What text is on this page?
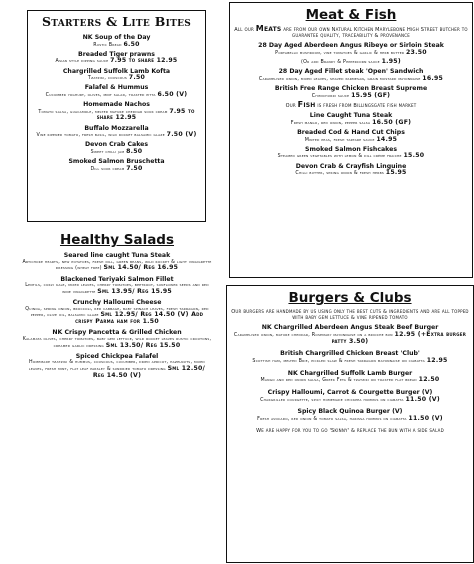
Starters & Lite Bites

NK Soup of the Day
Rustic Bread 6.50
Breaded Tiger prawns
Asian style dipping sauce 7.95 to share 12.95
Chargrilled Suffolk Lamb Kofta
Tzatziki, couscous 7.50
Falafel & Hummus
Cucumber yoghurt, olives, mint salad, toasted pitta 6.50 (V)
Homemade Nachos
Tomato salsa, guacamole, melted mature cheddar sour cream 7.95 to share 12.95
Buffalo Mozzarella
Vine ripened tomato, fresh basil, wild rocket balsamic glaze 7.50 (V)
Devon Crab Cakes
Sweet chilli jam 8.50
Smoked Salmon Bruschetta
Dill sour cream 7.50

Healthy Salads

Seared line caught Tuna Steak
Artichoke hearts, new potatoes, fresh dill, green beans, wild rocket & light vinaigrette dressing (wheat free) Sml 14.50/ Reg 16.95
Blackened Teriyaki Salmon Fillet
Lentils, curly kale, mixed leaves, cherry tomatoes, beetroot, sunflower seeds and red wine vinaigrette Sml 13.95/ Reg 15.95
Crunchy Halloumi Cheese
Quinoa, spring onion, broccoli, red cabbage, baby spinach leaves, fresh tarragon, red pepper, olive oil, balsamic glaze Sml 12.95/ Reg 14.50 (V) Add crispy Parma ham for 1.50
NK Crispy Pancetta & Grilled Chicken
Kalamata olives, cherry tomatoes, baby gem lettuce, wild rocket leaves rustic croutons, creamed garlic dressing Sml 13.50/ Reg 15.50
Spiced Chickpea Falafel
Homemade tzatziki & hummus, couscous, cucumber, dried apricot, hazelnuts, mixed leaves, fresh mint, flat leaf parsley & sundried tomato dressing Sml 12.50/ Reg 14.50 (V)

Meat & Fish

All our Meats are from our own Natural Kitchen Marylebone High Street butcher to guarantee quality, traceability & provenance

28 Day Aged Aberdeen Angus Ribeye or Sirloin Steak
Portabello mushroom, vine tomatoes & garlic & herb butter 23.50
(Or add Brandy & Peppercorn sauce 1.95)
28 Day Aged Fillet steak 'Open' Sandwich
Caramelised onion, mixed leaves, shaved parmesan, grain mustard mayonnaise 16.95
British Free Range Chicken Breast Supreme
Chimichurri sauce 15.95 (GF)

Our Fish is fresh from Billingsgate fish market

Line Caught Tuna Steak
Fresh mango, red onion, pepper salsa 16.50 (GF)
Breaded Cod & Hand Cut Chips
Minted peas, fresh tartare sauce 14.95
Smoked Salmon Fishcakes
Steamed green vegetables with lemon & dill crème fraiche 15.50
Devon Crab & Crayfish Linguine
Chilli butter, spring onion & fresh herbs 15.95

Burgers & Clubs

Our burgers are handmade by us using only the best cuts & ingredients and are all topped with baby gem lettuce & vine ripened tomato

NK Chargrilled Aberdeen Angus Steak Beef Burger
Caramelised onion, mature cheddar, Rosemary mayonnaise on a brioche bun 12.95 (+Extra burger patty 3.50)
British Chargrilled Chicken Breast 'Club'
Scottish ham, melted Brie, pickled slaw & fresh tarragon mayonnaise on ciabatta 12.95
NK Chargrilled Suffolk Lamb Burger
Mango and red onion salsa, Greek Feta & tzatziki on toasted flat bread 12.50
Crispy Halloumi, Carrot & Courgette Burger (V)
Chargrilled courgette, spicy homemade chickpea hummus on ciabatta 11.50 (V)
Spicy Black Quinoa Burger (V)
Fresh avocado, red onion & tomato salsa, harissa hummus on ciabatta 11.50 (V)

We are happy for you to go 'Skinny' & replace the bun with a side salad
